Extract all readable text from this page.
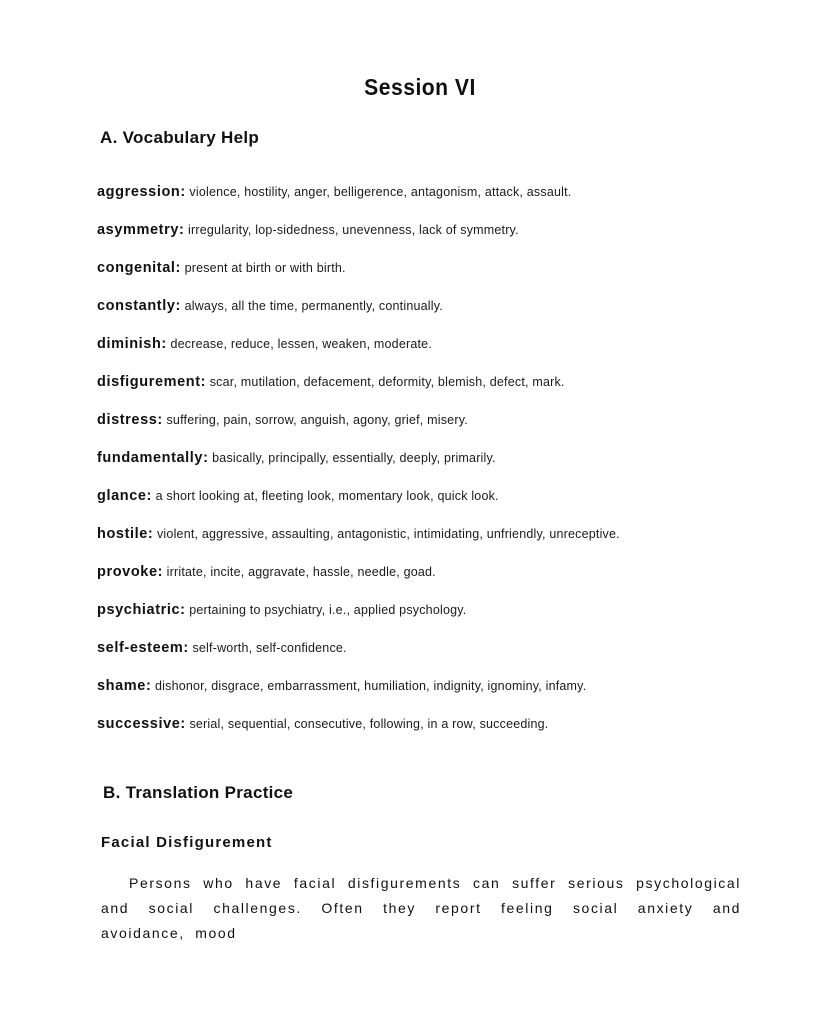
Session VI
A. Vocabulary Help
aggression: violence, hostility, anger, belligerence, antagonism, attack, assault.
asymmetry: irregularity, lop-sidedness, unevenness, lack of symmetry.
congenital: present at birth or with birth.
constantly: always, all the time, permanently, continually.
diminish: decrease, reduce, lessen, weaken, moderate.
disfigurement: scar, mutilation, defacement, deformity, blemish, defect, mark.
distress: suffering, pain, sorrow, anguish, agony, grief, misery.
fundamentally: basically, principally, essentially, deeply, primarily.
glance: a short looking at, fleeting look, momentary look, quick look.
hostile: violent, aggressive, assaulting, antagonistic, intimidating, unfriendly, unreceptive.
provoke: irritate, incite, aggravate, hassle, needle, goad.
psychiatric: pertaining to psychiatry, i.e., applied psychology.
self-esteem: self-worth, self-confidence.
shame: dishonor, disgrace, embarrassment, humiliation, indignity, ignominy, infamy.
successive: serial, sequential, consecutive, following, in a row, succeeding.
B. Translation Practice
Facial Disfigurement

Persons who have facial disfigurements can suffer serious psychological and social challenges. Often they report feeling social anxiety and avoidance, mood
